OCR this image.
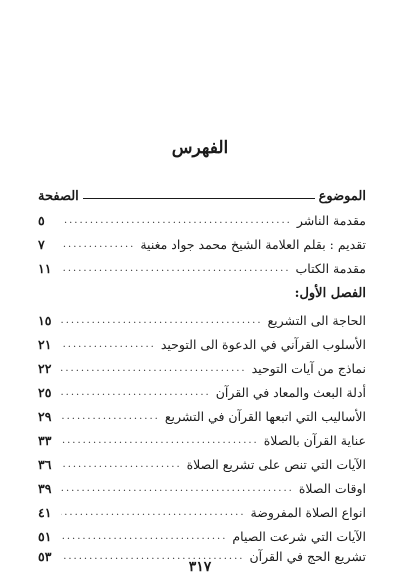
الفهرس
الموضوع
الصفحة
مقدمة الناشر
.....
٥
تقديم : بقلم العلامة الشيخ محمد جواد مغنية
.....
٧
مقدمة الكتاب
.....
١١
الفصل الأول:
الحاجة الى التشريع
.....
١٥
الأسلوب القرآني في الدعوة الى التوحيد
.....
٢١
نماذج من آيات التوحيد
.....
٢٢
أدلة البعث والمعاد في القرآن
.....
٢٥
الأساليب التي اتبعها القرآن في التشريع
.....
٢٩
عناية القرآن بالصلاة
.....
٣٣
الآيات التي تنص على تشريع الصلاة
.....
٣٦
اوقات الصلاة
.....
٣٩
انواع الصلاة المفروضة
.....
٤١
الآيات التي شرعت الصيام
.....
٥١
تشريع الحج في القرآن
.....
٥٣
٣١٧
